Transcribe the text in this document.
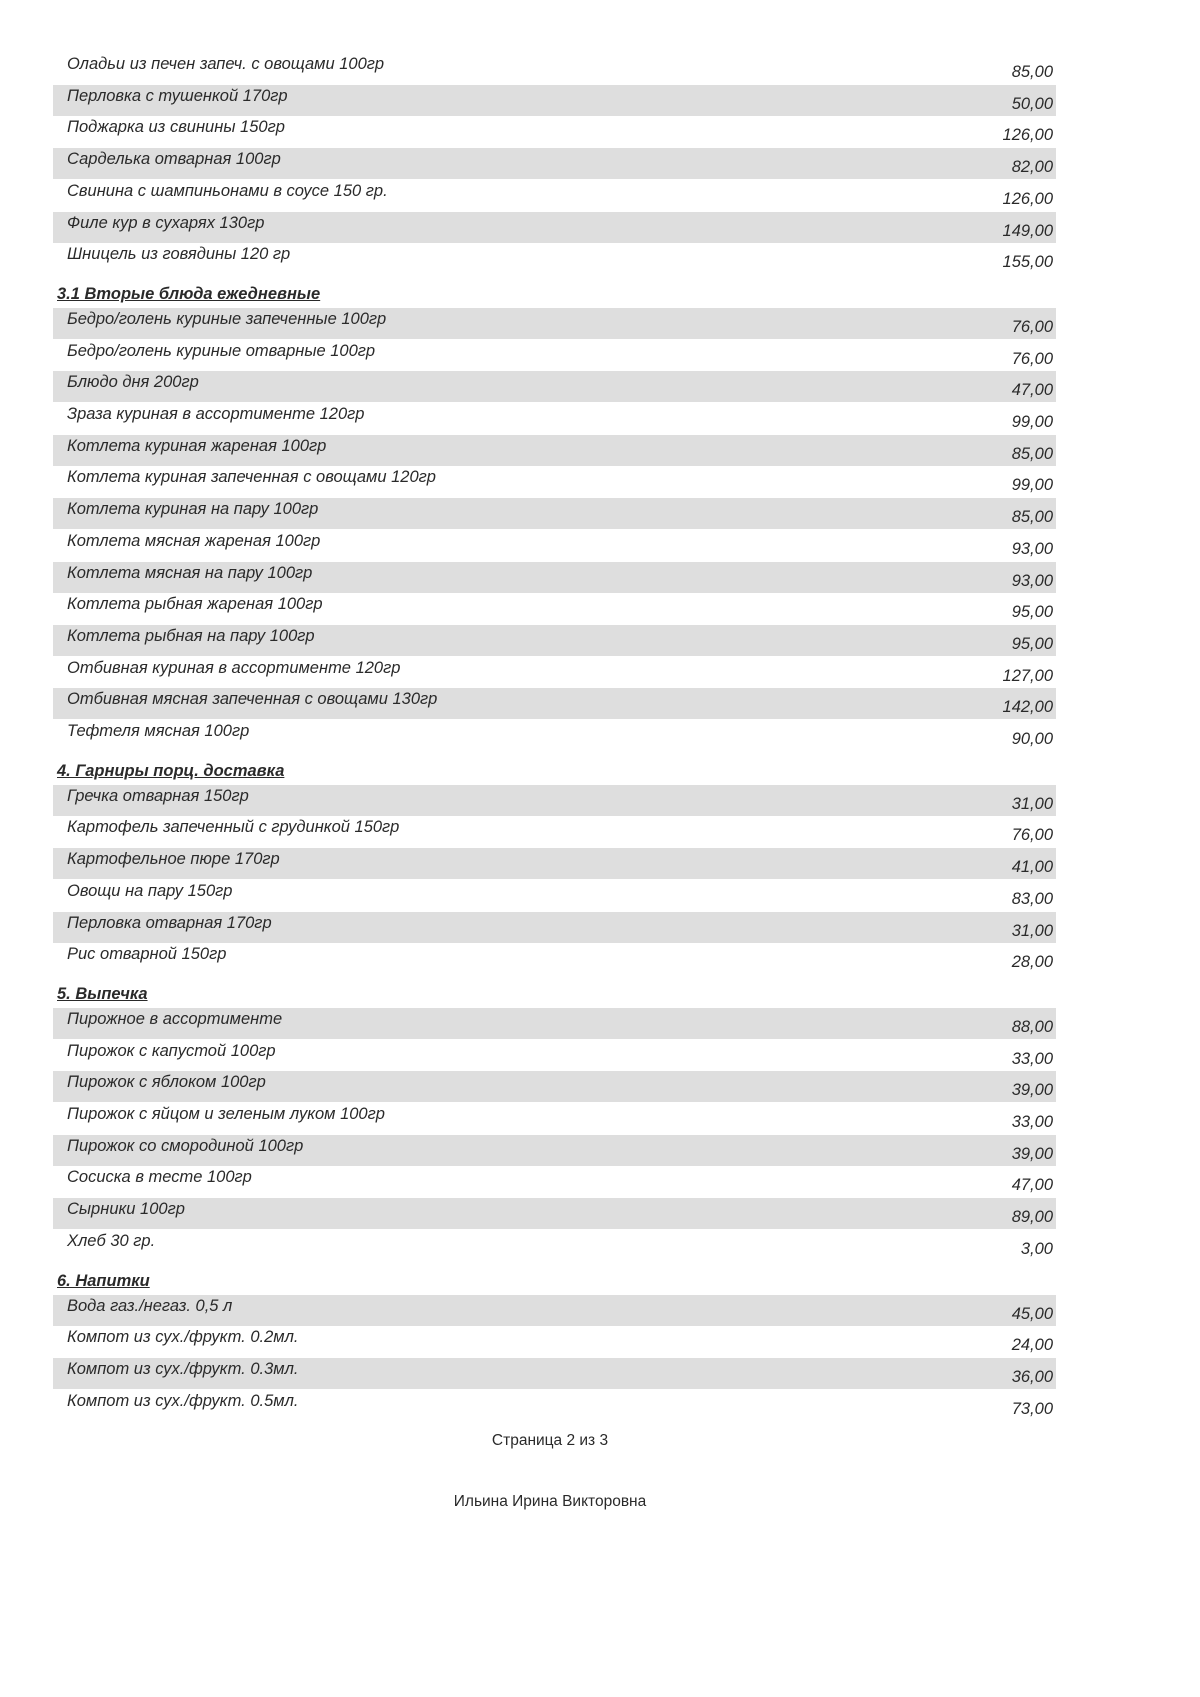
Оладьи из печен запеч. с овощами 100гр	85,00
Перловка с тушенкой 170гр	50,00
Поджарка из свинины 150гр	126,00
Сарделька отварная 100гр	82,00
Свинина с шампиньонами в соусе 150 гр.	126,00
Филе кур в сухарях 130гр	149,00
Шницель из говядины 120 гр	155,00
3.1 Вторые блюда ежедневные
Бедро/голень куриные запеченные 100гр	76,00
Бедро/голень куриные отварные 100гр	76,00
Блюдо дня 200гр	47,00
Зраза куриная в ассортименте 120гр	99,00
Котлета куриная жареная 100гр	85,00
Котлета куриная запеченная с овощами 120гр	99,00
Котлета куриная на пару 100гр	85,00
Котлета мясная жареная 100гр	93,00
Котлета мясная на пару 100гр	93,00
Котлета рыбная жареная 100гр	95,00
Котлета рыбная на пару 100гр	95,00
Отбивная куриная в ассортименте 120гр	127,00
Отбивная мясная запеченная с овощами 130гр	142,00
Тефтеля мясная 100гр	90,00
4. Гарниры порц. доставка
Гречка отварная 150гр	31,00
Картофель запеченный с грудинкой 150гр	76,00
Картофельное пюре 170гр	41,00
Овощи на пару 150гр	83,00
Перловка отварная 170гр	31,00
Рис отварной 150гр	28,00
5. Выпечка
Пирожное в ассортименте	88,00
Пирожок с капустой 100гр	33,00
Пирожок с яблоком 100гр	39,00
Пирожок с яйцом и зеленым луком 100гр	33,00
Пирожок со смородиной 100гр	39,00
Сосиска в тесте 100гр	47,00
Сырники 100гр	89,00
Хлеб 30 гр.	3,00
6. Напитки
Вода газ./негаз. 0,5 л	45,00
Компот из сух./фрукт. 0.2мл.	24,00
Компот из сух./фрукт. 0.3мл.	36,00
Компот из сух./фрукт. 0.5мл.	73,00
Страница 2 из 3
Ильина Ирина Викторовна
